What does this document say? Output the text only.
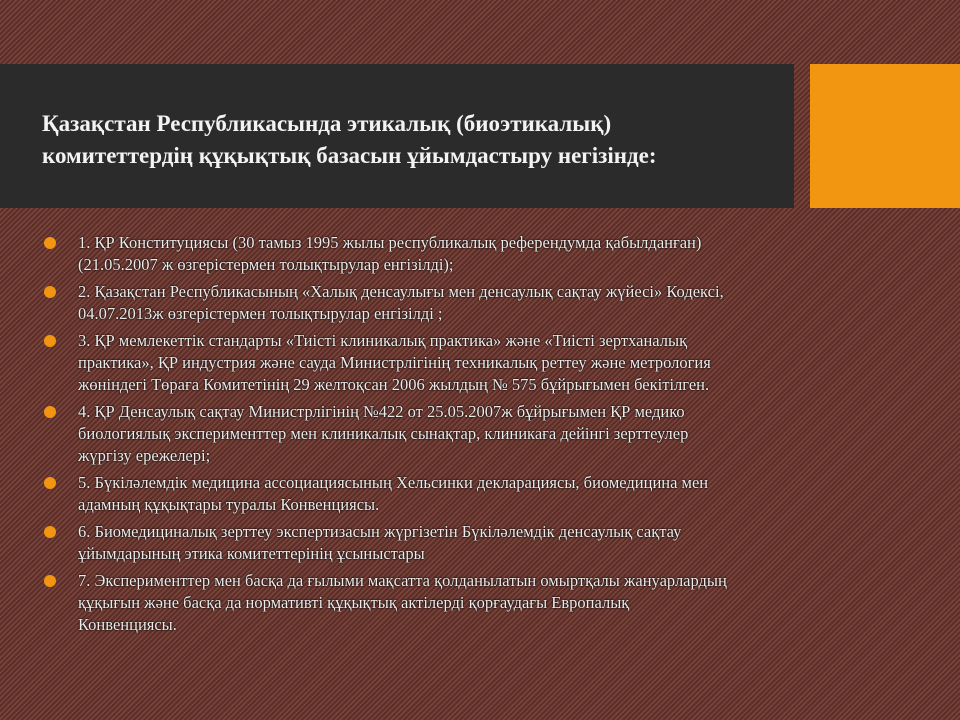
Қазақстан Республикасында этикалық (биоэтикалық)
комитеттердің құқықтық базасын ұйымдастыру негізінде:

1. ҚР Конституциясы (30 тамыз 1995 жылы республикалық референдумда қабылданған)
(21.05.2007 ж өзгерістермен толықтырулар енгізілді);
2. Қазақстан Республикасының «Халық денсаулығы мен денсаулық сақтау жүйесі» Кодексі,
04.07.2013ж өзгерістермен толықтырулар енгізілді ;
3. ҚР мемлекеттік стандарты «Тиісті клиникалық практика» және «Тиісті зертханалық
практика», ҚР индустрия және сауда Министрлігінің техникалық реттеу және метрология
жөніндегі Төраға Комитетінің 29 желтоқсан 2006 жылдың № 575 бұйрығымен бекітілген.
4. ҚР Денсаулық сақтау Министрлігінің №422 от 25.05.2007ж бұйрығымен ҚР медико
биологиялық эксперименттер мен клиникалық сынақтар, клиникаға дейінгі зерттеулер
жүргізу ережелері;
5. Бүкіләлемдік медицина ассоциациясының Хельсинки декларациясы, биомедицина мен
адамның құқықтары туралы Конвенциясы.
6. Биомедициналық зерттеу экспертизасын жүргізетін Бүкіләлемдік денсаулық сақтау
ұйымдарының этика комитеттерінің ұсыныстары
7. Эксперименттер мен басқа да ғылыми мақсатта қолданылатын омыртқалы жануарлардың
құқығын және басқа да нормативті құқықтық актілерді қорғаудағы Европалық
Конвенциясы.
